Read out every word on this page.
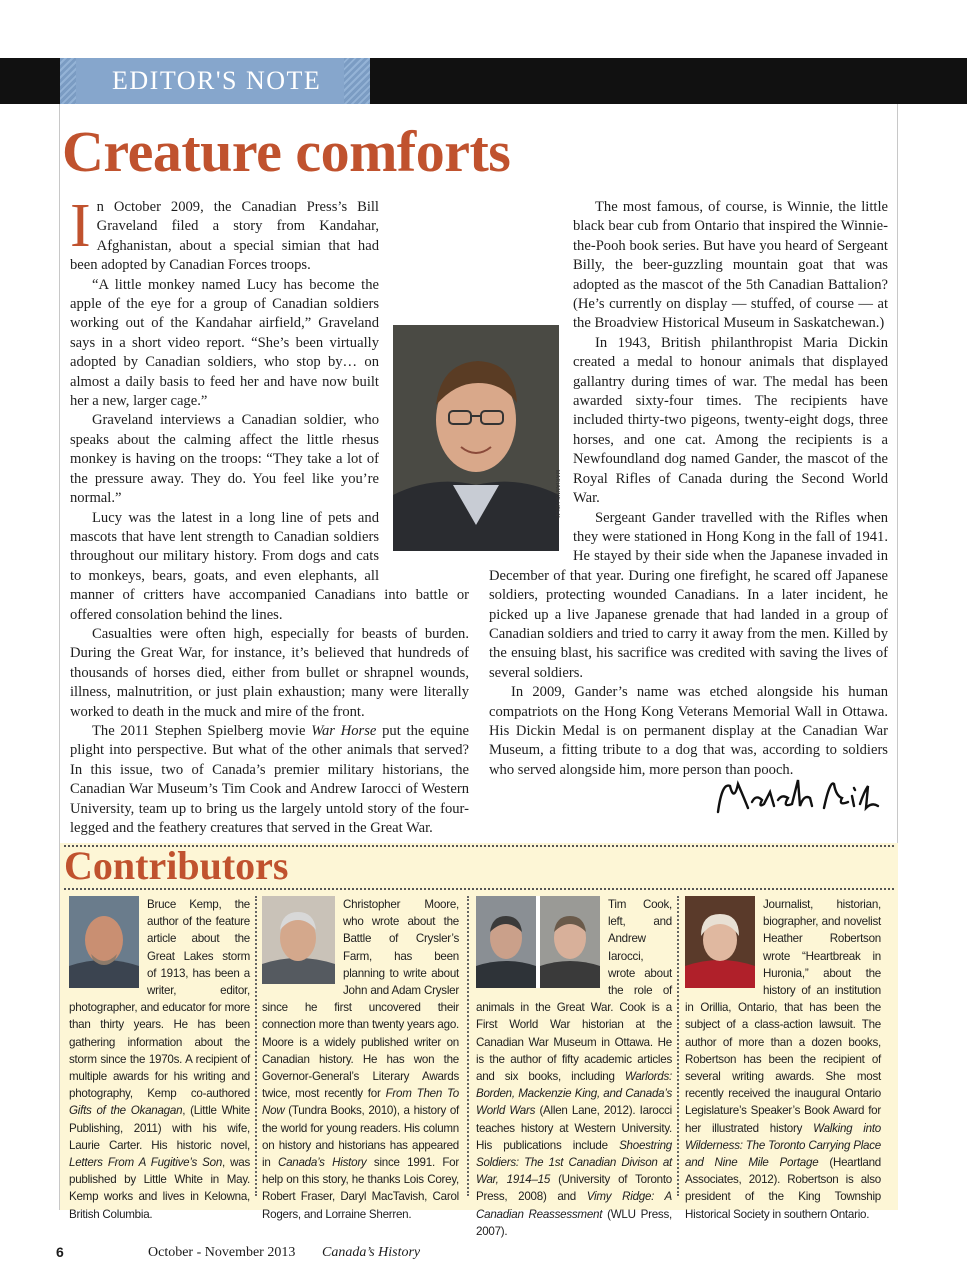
EDITOR'S NOTE
Creature comforts

In October 2009, the Canadian Press’s Bill Graveland filed a story from Kandahar, Afghanistan, about a special simian that had been adopted by Canadian Forces troops.

“A little monkey named Lucy has become the apple of the eye for a group of Canadian soldiers working out of the Kandahar airfield,” Graveland says in a short video report. “She’s been virtually adopted by Canadian soldiers, who stop by… on almost a daily basis to feed her and have now built her a new, larger cage.”

Graveland interviews a Canadian soldier, who speaks about the calming affect the little rhesus monkey is having on the troops: “They take a lot of the pressure away. They do. You feel like you’re normal.”

Lucy was the latest in a long line of pets and mascots that have lent strength to Canadian soldiers throughout our military history. From dogs and cats to monkeys, bears, goats, and even elephants, all manner of critters have accompanied Canadians into battle or offered consolation behind the lines.

Casualties were often high, especially for beasts of burden. During the Great War, for instance, it’s believed that hundreds of thousands of horses died, either from bullet or shrapnel wounds, illness, malnutrition, or just plain exhaustion; many were literally worked to death in the muck and mire of the front.

The 2011 Stephen Spielberg movie War Horse put the equine plight into perspective. But what of the other animals that served? In this issue, two of Canada’s premier military historians, the Canadian War Museum’s Tim Cook and Andrew Iarocci of Western University, team up to bring us the largely untold story of the four-legged and the feathery creatures that served in the Great War.

The most famous, of course, is Winnie, the little black bear cub from Ontario that inspired the Winnie-the-Pooh book series. But have you heard of Sergeant Billy, the beer-guzzling mountain goat that was adopted as the mascot of the 5th Canadian Battalion? (He’s currently on display — stuffed, of course — at the Broadview Historical Museum in Saskatchewan.)

In 1943, British philanthropist Maria Dickin created a medal to honour animals that displayed gallantry during times of war. The medal has been awarded sixty-four times. The recipients have included thirty-two pigeons, twenty-eight dogs, three horses, and one cat. Among the recipients is a Newfoundland dog named Gander, the mascot of the Royal Rifles of Canada during the Second World War.

Sergeant Gander travelled with the Rifles when they were stationed in Hong Kong in the fall of 1941. He stayed by their side when the Japanese invaded in December of that year. During one firefight, he scared off Japanese soldiers, protecting wounded Canadians. In a later incident, he picked up a live Japanese grenade that had landed in a group of Canadian soldiers and tried to carry it away from the men. Killed by the ensuing blast, his sacrifice was credited with saving the lives of several soldiers.

In 2009, Gander’s name was etched alongside his human compatriots on the Hong Kong Veterans Memorial Wall in Ottawa. His Dickin Medal is on permanent display at the Canadian War Museum, a fitting tribute to a dog that was, according to soldiers who served alongside him, more person than pooch.

MARIANNE HELM
Contributors
Bruce Kemp, the author of the feature article about the Great Lakes storm of 1913, has been a writer, editor, photographer, and educator for more than thirty years. He has been gathering information about the storm since the 1970s. A recipient of multiple awards for his writing and photography, Kemp co-authored Gifts of the Okanagan, (Little White Publishing, 2011) with his wife, Laurie Carter. His historic novel, Letters From A Fugitive’s Son, was published by Little White in May. Kemp works and lives in Kelowna, British Columbia.
Christopher Moore, who wrote about the Battle of Crysler’s Farm, has been planning to write about John and Adam Crysler since he first uncovered their connection more than twenty years ago. Moore is a widely published writer on Canadian history. He has won the Governor-General’s Literary Awards twice, most recently for From Then To Now (Tundra Books, 2010), a history of the world for young readers. His column on history and historians has appeared in Canada’s History since 1991. For help on this story, he thanks Lois Corey, Robert Fraser, Daryl MacTavish, Carol Rogers, and Lorraine Sherren.
Tim Cook, left, and Andrew Iarocci, wrote about the role of animals in the Great War. Cook is a First World War historian at the Canadian War Museum in Ottawa. He is the author of fifty academic articles and six books, including Warlords: Borden, Mackenzie King, and Canada’s World Wars (Allen Lane, 2012). Iarocci teaches history at Western University. His publications include Shoestring Soldiers: The 1st Canadian Divison at War, 1914–15 (University of Toronto Press, 2008) and Vimy Ridge: A Canadian Reassessment (WLU Press, 2007).
Journalist, historian, biographer, and novelist Heather Robertson wrote “Heartbreak in Huronia,” about the history of an institution in Orillia, Ontario, that has been the subject of a class-action lawsuit. The author of more than a dozen books, Robertson has been the recipient of several writing awards. She most recently received the inaugural Ontario Legislature’s Speaker’s Book Award for her illustrated history Walking into Wilderness: The Toronto Carrying Place and Nine Mile Portage (Heartland Associates, 2012). Robertson is also president of the King Township Historical Society in southern Ontario.
6	October - November 2013 Canada’s History
